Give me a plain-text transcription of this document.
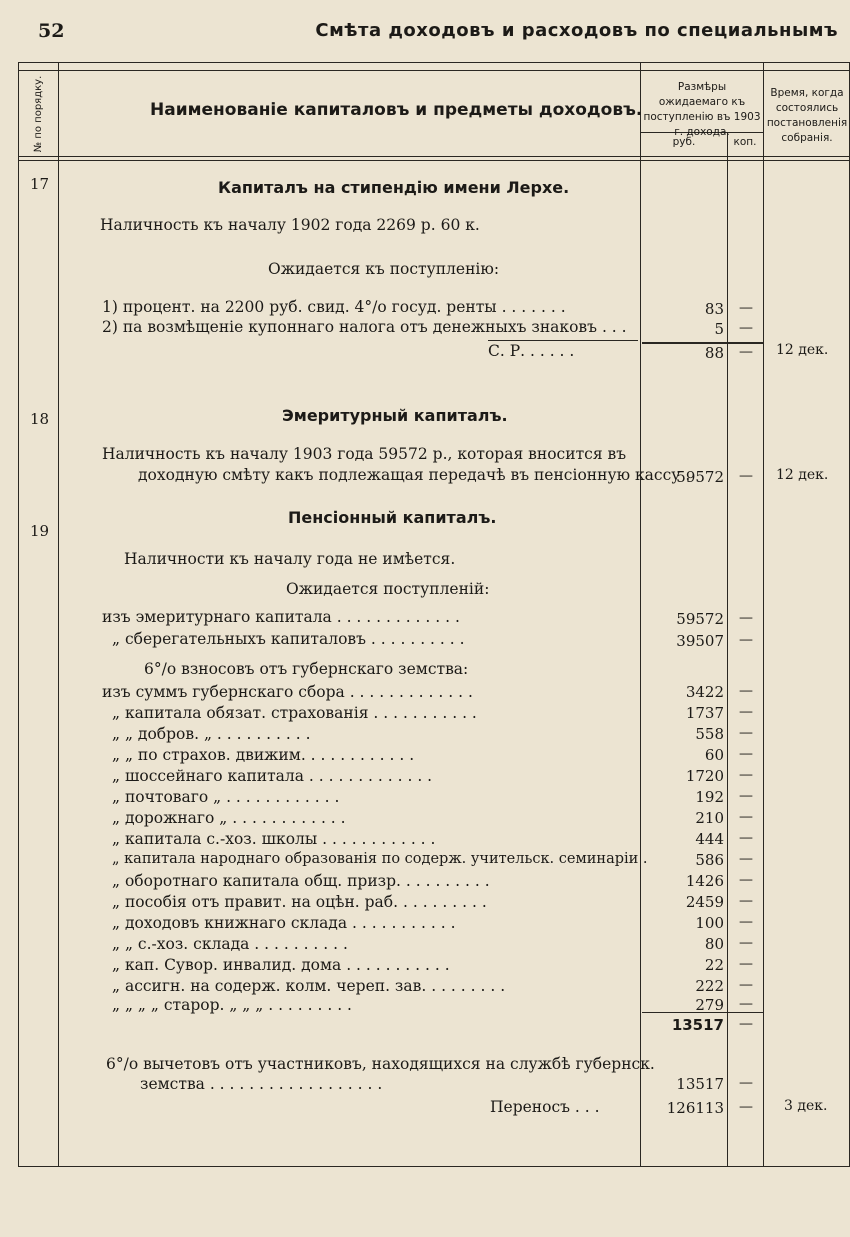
52	Смѣта доходовъ и расходовъ по специальнымъ
№ по порядку.	Наименованіе капиталовъ и предметы доходовъ.
Размѣры ожидаемаго къ поступленію въ 1903 г. дохода.
руб.	коп.
Время, когда состоялись постановленія собранія.
17	Капиталъ на стипендію имени Лерхе.
Наличность къ началу 1902 года 2269 р. 60 к.
Ожидается къ поступленію:
1) процент. на 2200 руб. свид. 4°/о госуд. ренты . . . . . . .	83	—
2) па возмѣщеніе купоннаго налога отъ денежныхъ знаковъ . . .	5	—
С. Р. . . . . .	88	—	12 дек.
18	Эмеритурный капиталъ.
Наличность къ началу 1903 года 59572 р., которая вносится въ
доходную смѣту какъ подлежащая передачѣ въ пенсіонную кассу .
59572	—	12 дек.
19
Пенсіонный капиталъ.
Наличности къ началу года не имѣется.
Ожидается поступленій:
изъ эмеритурнаго капитала . . . . . . . . . . . . .	59572	—
„ сберегательныхъ капиталовъ . . . . . . . . . .	39507	—
6°/о взносовъ отъ губернскаго земства:
изъ суммъ губернскаго сбора . . . . . . . . . . . . .	3422	—
„ капитала обязат. страхованія . . . . . . . . . . .	1737	—
„ „ добров. „ . . . . . . . . . .	558	—
„ „ по страхов. движим. . . . . . . . . . . .	60	—
„ шоссейнаго капитала . . . . . . . . . . . . .	1720	—
„ почтоваго „ . . . . . . . . . . . .	192	—
„ дорожнаго „ . . . . . . . . . . . .	210	—
„ капитала с.-хоз. школы . . . . . . . . . . . .	444	—
„ капитала народнаго образованія по содерж. учительск. семинаріи .	586	—
„ оборотнаго капитала общ. призр. . . . . . . . . .	1426	—
„ пособія отъ правит. на оцѣн. раб. . . . . . . . . .	2459	—
„ доходовъ книжнаго склада . . . . . . . . . . .	100	—
„ „ с.-хоз. склада . . . . . . . . . .	80	—
„ кап. Сувор. инвалид. дома . . . . . . . . . . .	22	—
„ ассигн. на содерж. колм. череп. зав. . . . . . . . .	222	—
„ „ „ „ старор. „ „ „ . . . . . . . . .	279	—
13517	—
6°/о вычетовъ отъ участниковъ, находящихся на службѣ губернск.
земства . . . . . . . . . . . . . . . . . .	13517	—
Переносъ . . .	126113	—	3 дек.
